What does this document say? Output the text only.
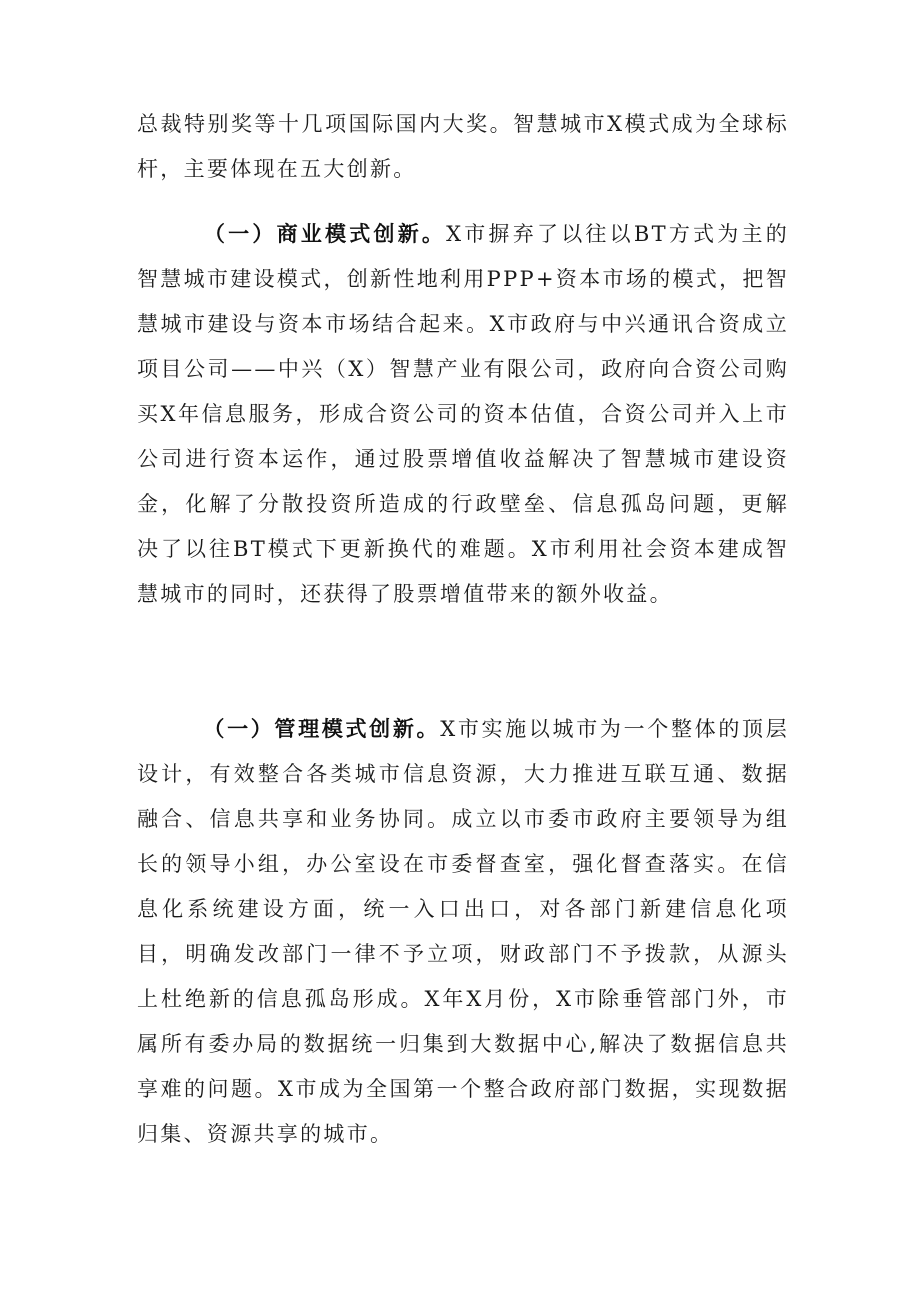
总裁特别奖等十几项国际国内大奖。智慧城市X模式成为全球标杆，主要体现在五大创新。

（一）商业模式创新。X市摒弃了以往以BT方式为主的智慧城市建设模式，创新性地利用PPP+资本市场的模式，把智慧城市建设与资本市场结合起来。X市政府与中兴通讯合资成立项目公司——中兴（X）智慧产业有限公司，政府向合资公司购买X年信息服务，形成合资公司的资本估值，合资公司并入上市公司进行资本运作，通过股票增值收益解决了智慧城市建设资金，化解了分散投资所造成的行政壁垒、信息孤岛问题，更解决了以往BT模式下更新换代的难题。X市利用社会资本建成智慧城市的同时，还获得了股票增值带来的额外收益。

（一）管理模式创新。X市实施以城市为一个整体的顶层设计，有效整合各类城市信息资源，大力推进互联互通、数据融合、信息共享和业务协同。成立以市委市政府主要领导为组长的领导小组，办公室设在市委督查室，强化督查落实。在信息化系统建设方面，统一入口出口，对各部门新建信息化项目，明确发改部门一律不予立项，财政部门不予拨款，从源头上杜绝新的信息孤岛形成。X年X月份，X市除垂管部门外，市属所有委办局的数据统一归集到大数据中心,解决了数据信息共享难的问题。X市成为全国第一个整合政府部门数据，实现数据归集、资源共享的城市。
